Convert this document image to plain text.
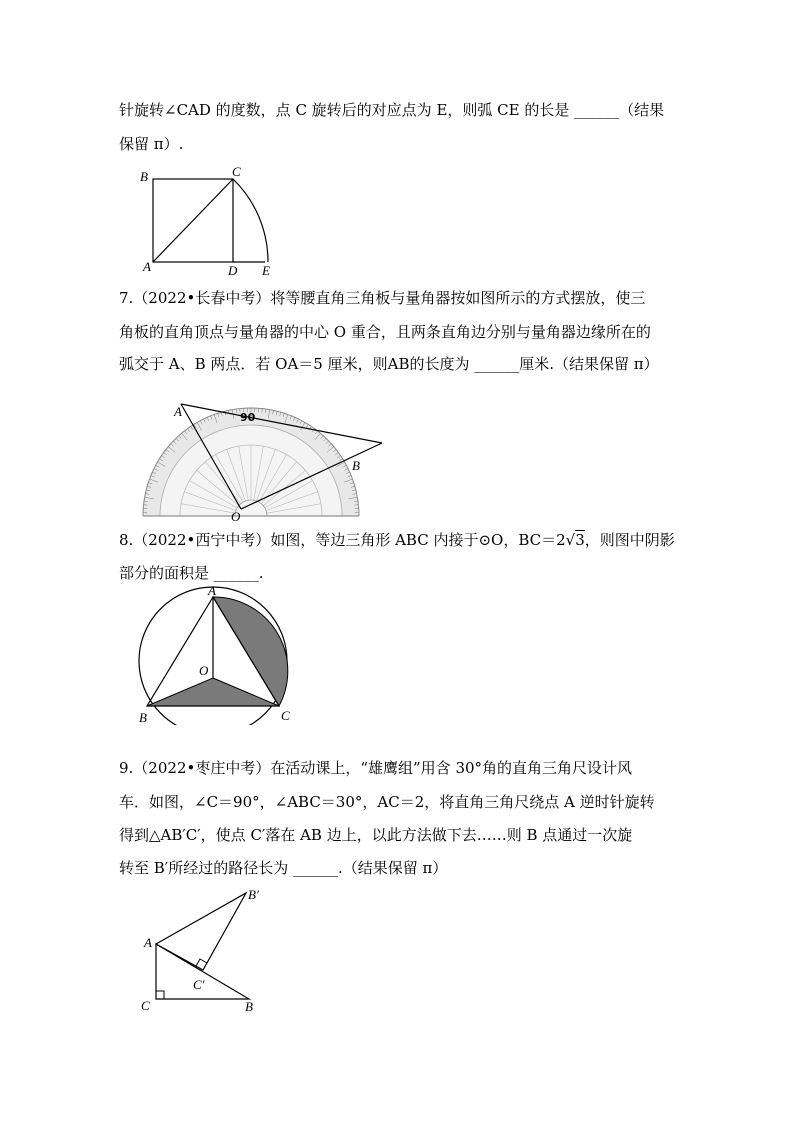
针旋转∠CAD 的度数，点 C 旋转后的对应点为 E，则弧 CE 的长是 ______（结果
保留 π）.
B	C
A	D E
7.（2022•长春中考）将等腰直角三角板与量角器按如图所示的方式摆放，使三
角板的直角顶点与量角器的中心 O 重合，且两条直角边分别与量角器边缘所在的
弧交于 A、B 两点．若 OA＝5 厘米，则AB的长度为 ______厘米.（结果保留 π）
90
A
B
O
8.（2022•西宁中考）如图，等边三角形 ABC 内接于⊙O，BC＝2√3，则图中阴影
部分的面积是 ______.
A
B	C
O
9.（2022•枣庄中考）在活动课上，“雄鹰组”用含 30°角的直角三角尺设计风
车．如图，∠C＝90°，∠ABC＝30°，AC＝2，将直角三角尺绕点 A 逆时针旋转
得到△AB′C′，使点 C′落在 AB 边上，以此方法做下去……则 B 点通过一次旋
转至 B′所经过的路径长为 ______.（结果保留 π）
A
C	B
B′
C′
